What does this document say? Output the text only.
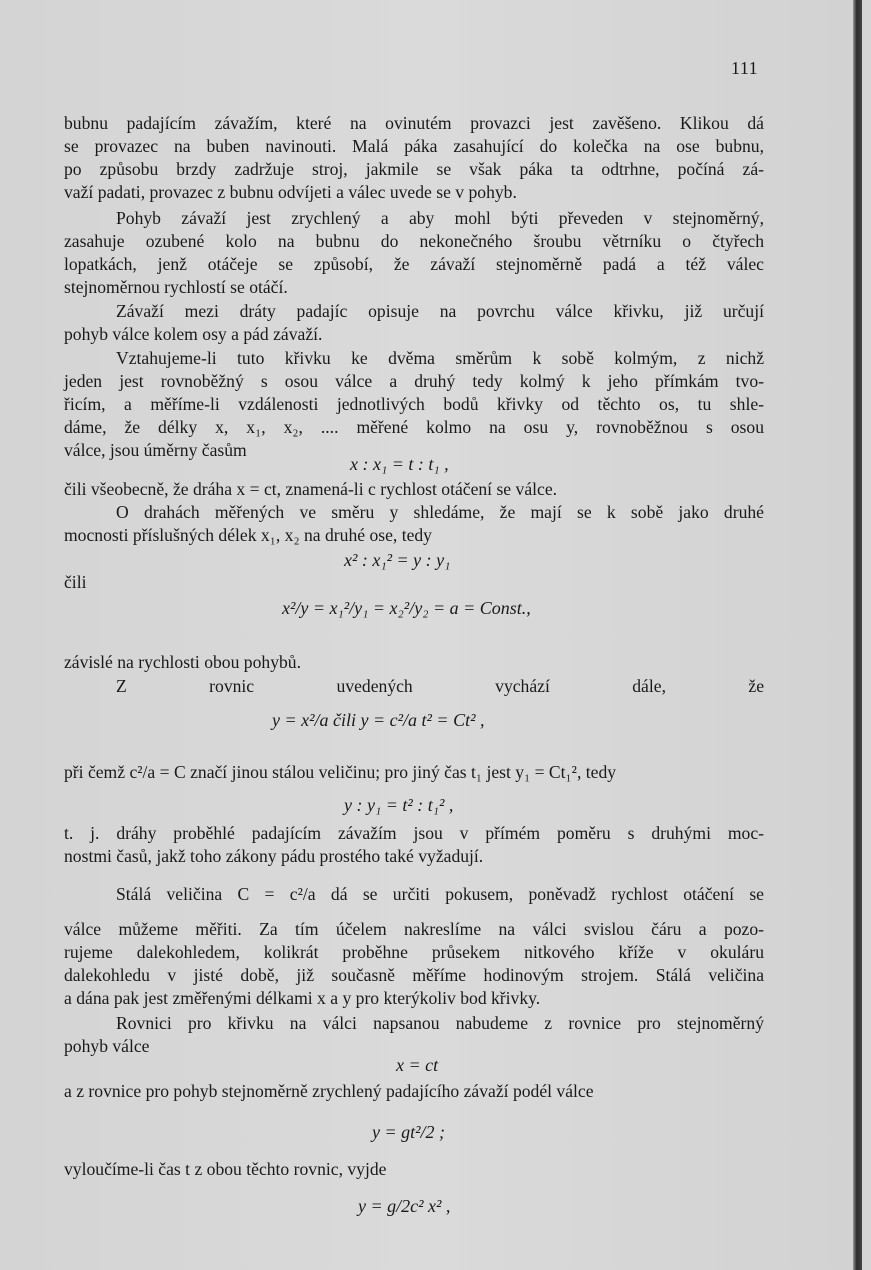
111
bubnu padajícím závažím, které na ovinutém provazci jest zavěšeno. Klikou dá
se provazec na buben navinouti. Malá páka zasahující do kolečka na ose bubnu,
po způsobu brzdy zadržuje stroj, jakmile se však páka ta odtrhne, počíná zá-
važí padati, provazec z bubnu odvíjeti a válec uvede se v pohyb.
Pohyb závaží jest zrychlený a aby mohl býti převeden v stejnoměrný,
zasahuje ozubené kolo na bubnu do nekonečného šroubu větrníku o čtyřech
lopatkách, jenž otáčeje se způsobí, že závaží stejnoměrně padá a též válec
stejnoměrnou rychlostí se otáčí.
Závaží mezi dráty padajíc opisuje na povrchu válce křivku, již určují
pohyb válce kolem osy a pád závaží.
Vztahujeme-li tuto křivku ke dvěma směrům k sobě kolmým, z nichž
jeden jest rovnoběžný s osou válce a druhý tedy kolmý k jeho přímkám tvo-
řicím, a měříme-li vzdálenosti jednotlivých bodů křivky od těchto os, tu shle-
dáme, že délky x, x₁, x₂, .... měřené kolmo na osu y, rovnoběžnou s osou
válce, jsou úměrny časům
x : x₁ = t : t₁ ,
čili všeobecně, že dráha x = ct, znamená-li c rychlost otáčení se válce.
O drahách měřených ve směru y shledáme, že mají se k sobě jako druhé
mocnosti příslušných délek x₁, x₂ na druhé ose, tedy
x² : x₁² = y : y₁
čili
x²/y = x₁²/y₁ = x₂²/y₂ = a = Const.,
závislé na rychlosti obou pohybů.
Z rovnic uvedených vychází dále, že
y = x²/a čili y = c²/a t² = Ct² ,
při čemž c²/a = C značí jinou stálou veličinu; pro jiný čas t₁ jest y₁ = Ct₁², tedy
y : y₁ = t² : t₁² ,
t. j. dráhy proběhlé padajícím závažím jsou v přímém poměru s druhými moc-
nostmi časů, jakž toho zákony pádu prostého také vyžadují.
Stálá veličina C = c²/a dá se určiti pokusem, poněvadž rychlost otáčení se
válce můžeme měřiti. Za tím účelem nakreslíme na válci svislou čáru a pozo-
rujeme dalekohledem, kolikrát proběhne průsekem nitkového kříže v okuláru
dalekohledu v jisté době, již současně měříme hodinovým strojem. Stálá veličina
a dána pak jest změřenými délkami x a y pro kterýkoliv bod křivky.
Rovnici pro křivku na válci napsanou nabudeme z rovnice pro stejnoměrný
pohyb válce
x = ct
a z rovnice pro pohyb stejnoměrně zrychlený padajícího závaží podél válce
y = gt²/2 ;
vyloučíme-li čas t z obou těchto rovnic, vyjde
y = g/2c² x² ,
